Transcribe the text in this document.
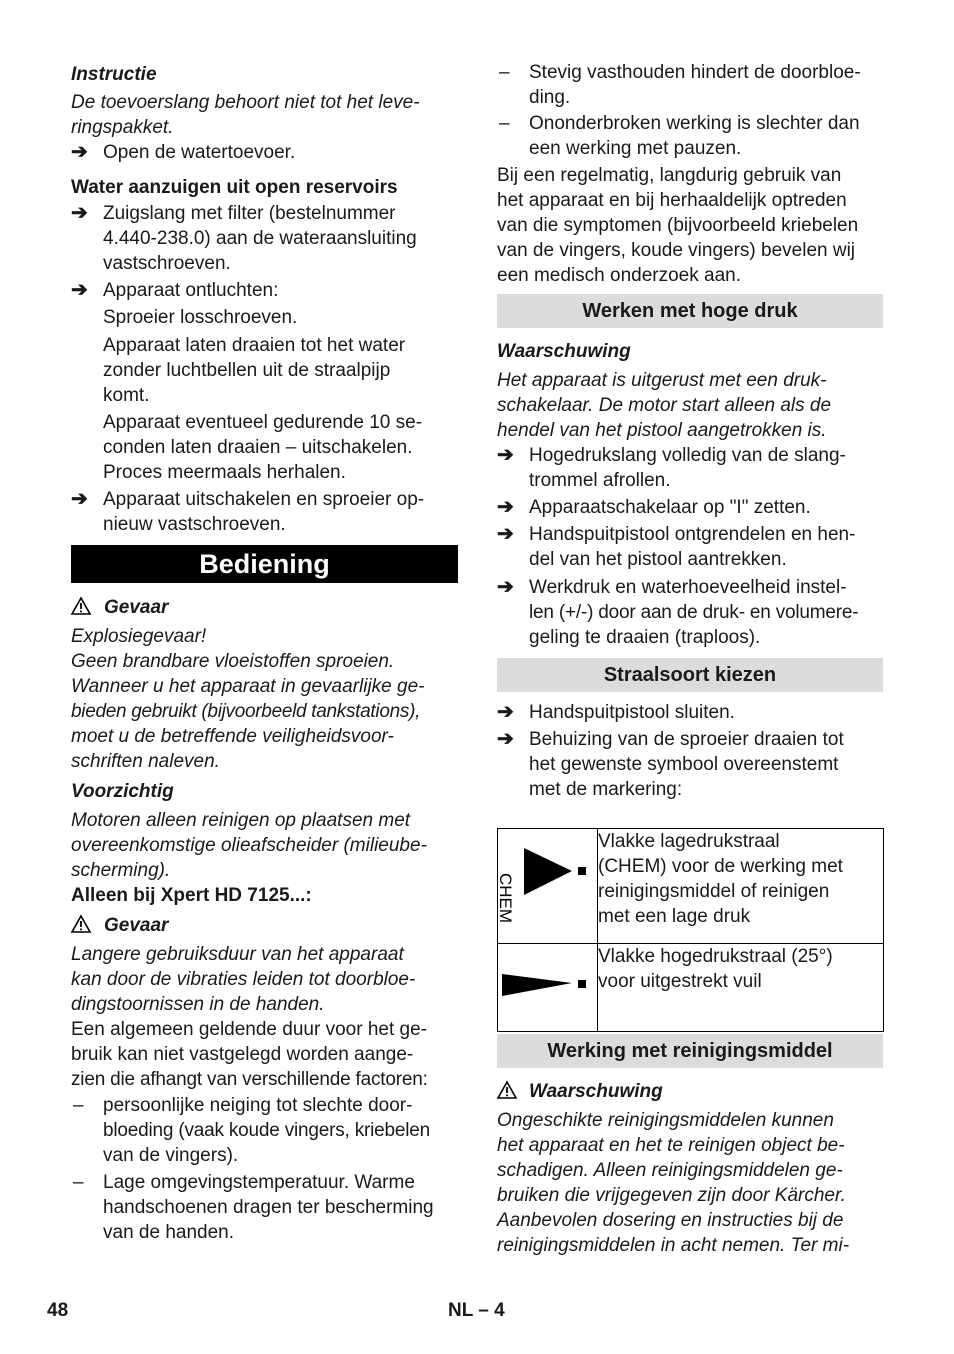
Instructie
De toevoerslang behoort niet tot het leve-
ringspakket.
➔ Open de watertoevoer.
Water aanzuigen uit open reservoirs
➔ Zuigslang met filter (bestelnummer
4.440-238.0) aan de wateraansluiting
vastschroeven.
➔ Apparaat ontluchten:
Sproeier losschroeven.
Apparaat laten draaien tot het water
zonder luchtbellen uit de straalpijp
komt.
Apparaat eventueel gedurende 10 se-
conden laten draaien – uitschakelen.
Proces meermaals herhalen.
➔ Apparaat uitschakelen en sproeier op-
nieuw vastschroeven.
Bediening
Gevaar
Explosiegevaar!
Geen brandbare vloeistoffen sproeien.
Wanneer u het apparaat in gevaarlijke ge-
bieden gebruikt (bijvoorbeeld tankstations),
moet u de betreffende veiligheidsvoor-
schriften naleven.
Voorzichtig
Motoren alleen reinigen op plaatsen met
overeenkomstige olieafscheider (milieube-
scherming).
Alleen bij Xpert HD 7125...:
Gevaar
Langere gebruiksduur van het apparaat
kan door de vibraties leiden tot doorbloe-
dingstoornissen in de handen.
Een algemeen geldende duur voor het ge-
bruik kan niet vastgelegd worden aange-
zien die afhangt van verschillende factoren:
– persoonlijke neiging tot slechte door-
bloeding (vaak koude vingers, kriebelen
van de vingers).
– Lage omgevingstemperatuur. Warme
handschoenen dragen ter bescherming
van de handen.
– Stevig vasthouden hindert de doorbloe-
ding.
– Ononderbroken werking is slechter dan
een werking met pauzen.
Bij een regelmatig, langdurig gebruik van
het apparaat en bij herhaaldelijk optreden
van die symptomen (bijvoorbeeld kriebelen
van de vingers, koude vingers) bevelen wij
een medisch onderzoek aan.
Werken met hoge druk
Waarschuwing
Het apparaat is uitgerust met een druk-
schakelaar. De motor start alleen als de
hendel van het pistool aangetrokken is.
➔ Hogedrukslang volledig van de slang-
trommel afrollen.
➔ Apparaatschakelaar op "I" zetten.
➔ Handspuitpistool ontgrendelen en hen-
del van het pistool aantrekken.
➔ Werkdruk en waterhoeveelheid instel-
len (+/-) door aan de druk- en volumere-
geling te draaien (traploos).
Straalsoort kiezen
➔ Handspuitpistool sluiten.
➔ Behuizing van de sproeier draaien tot
het gewenste symbool overeenstemt
met de markering:
CHEM	Vlakke lagedrukstraal
(CHEM) voor de werking met
reinigingsmiddel of reinigen
met een lage druk

Vlakke hogedrukstraal (25°)
voor uitgestrekt vuil
Werking met reinigingsmiddel
Waarschuwing
Ongeschikte reinigingsmiddelen kunnen
het apparaat en het te reinigen object be-
schadigen. Alleen reinigingsmiddelen ge-
bruiken die vrijgegeven zijn door Kärcher.
Aanbevolen dosering en instructies bij de
reinigingsmiddelen in acht nemen. Ter mi-
48	NL – 4
